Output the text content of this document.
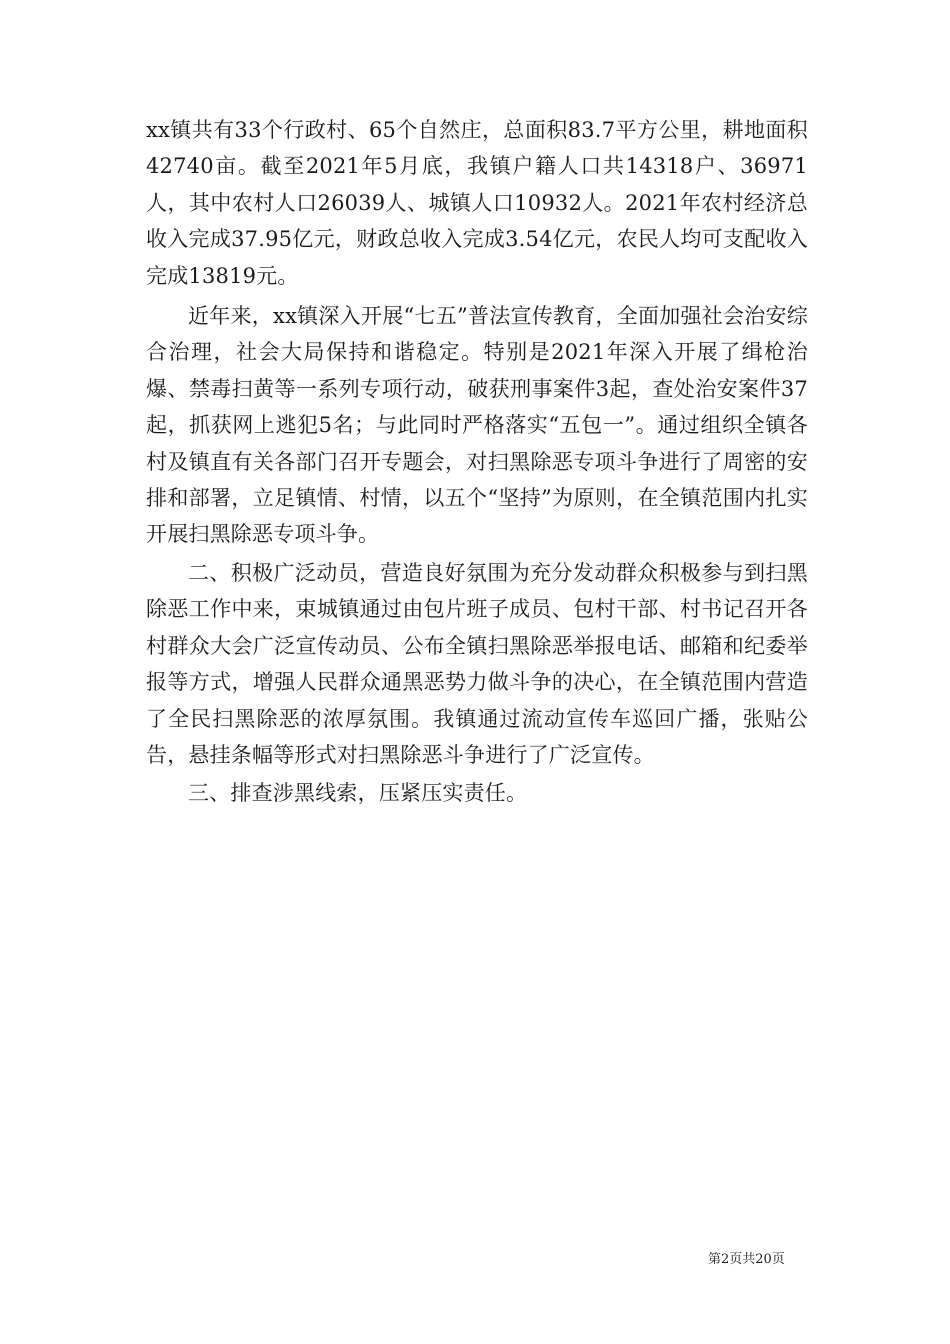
xx镇共有33个行政村、65个自然庄，总面积83.7平方公里，耕地面积42740亩。截至2021年5月底，我镇户籍人口共14318户、36971人，其中农村人口26039人、城镇人口10932人。2021年农村经济总收入完成37.95亿元，财政总收入完成3.54亿元，农民人均可支配收入完成13819元。

近年来，xx镇深入开展“七五”普法宣传教育，全面加强社会治安综合治理，社会大局保持和谐稳定。特别是2021年深入开展了缉枪治爆、禁毒扫黄等一系列专项行动，破获刑事案件3起，查处治安案件37起，抓获网上逃犯5名；与此同时严格落实“五包一”。通过组织全镇各村及镇直有关各部门召开专题会，对扫黑除恶专项斗争进行了周密的安排和部署，立足镇情、村情，以五个“坚持”为原则，在全镇范围内扎实开展扫黑除恶专项斗争。

二、积极广泛动员，营造良好氛围为充分发动群众积极参与到扫黑除恶工作中来，束城镇通过由包片班子成员、包村干部、村书记召开各村群众大会广泛宣传动员、公布全镇扫黑除恶举报电话、邮箱和纪委举报等方式，增强人民群众通黑恶势力做斗争的决心，在全镇范围内营造了全民扫黑除恶的浓厚氛围。我镇通过流动宣传车巡回广播，张贴公告，悬挂条幅等形式对扫黑除恶斗争进行了广泛宣传。

三、排查涉黑线索，压紧压实责任。

第2页共20页
